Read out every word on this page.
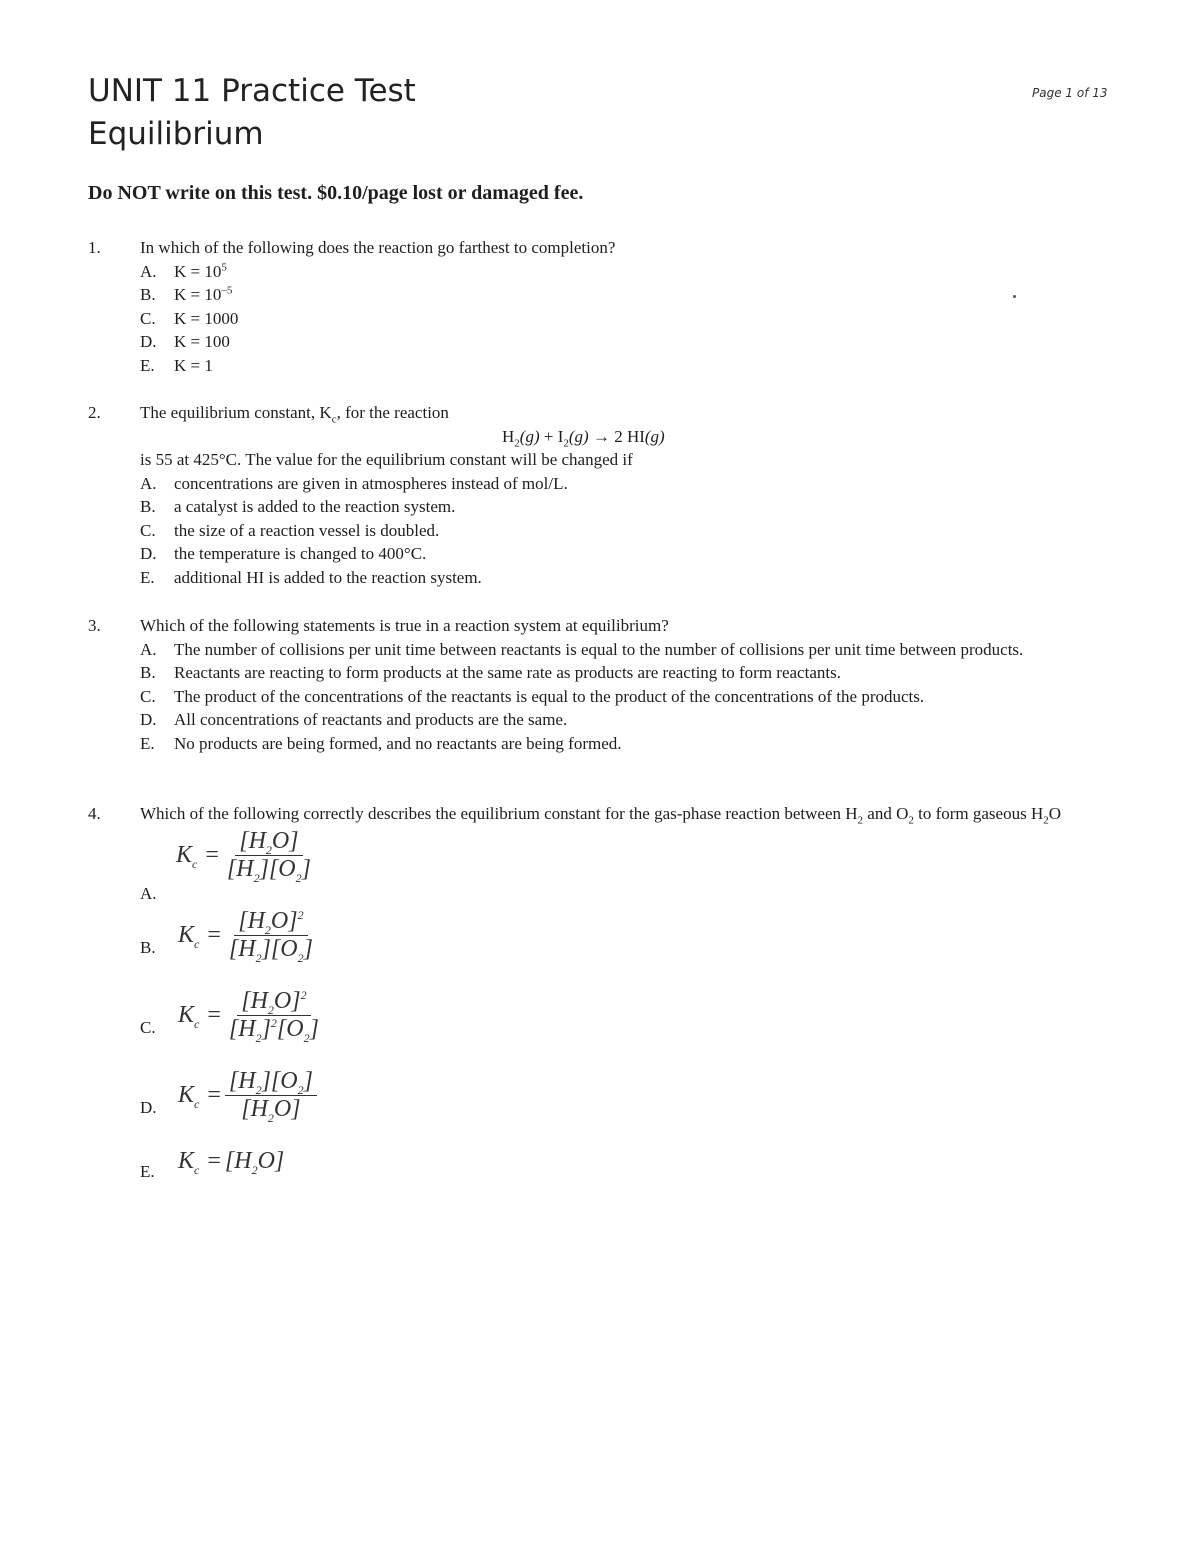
UNIT 11 Practice Test
Equilibrium
Page 1 of 13
Do NOT write on this test. $0.10/page lost or damaged fee.
1. In which of the following does the reaction go farthest to completion?
A. $K = 10^5$
B. $K = 10^{-5}$
C. K = 1000
D. K = 100
E. K = 1
2. The equilibrium constant, $K_c$, for the reaction
$H_2(g) + I_2(g) \to 2$ HI(g)
is 55 at 425°C. The value for the equilibrium constant will be changed if
A. concentrations are given in atmospheres instead of mol/L.
B. a catalyst is added to the reaction system.
C. the size of a reaction vessel is doubled.
D. the temperature is changed to 400°C.
E. additional HI is added to the reaction system.
3. Which of the following statements is true in a reaction system at equilibrium?
A. The number of collisions per unit time between reactants is equal to the number of collisions per unit time between products.
B. Reactants are reacting to form products at the same rate as products are reacting to form reactants.
C. The product of the concentrations of the reactants is equal to the product of the concentrations of the products.
D. All concentrations of reactants and products are the same.
E. No products are being formed, and no reactants are being formed.
4. Which of the following correctly describes the equilibrium constant for the gas-phase reaction between $H_2$ and $O_2$ to form gaseous $H_2O$
A.
$K_c = \frac{[H_2O]}{[H_2][O_2]}$
B. $K_c = \frac{[H_2O]^2}{[H_2][O_2]}$
C. $K_c = \frac{[H_2O]^2}{[H_2]^2[O_2]}$
D. $K_c = \frac{[H_2][O_2]}{[H_2O]}$
E. $K_c = [H_2O]$
